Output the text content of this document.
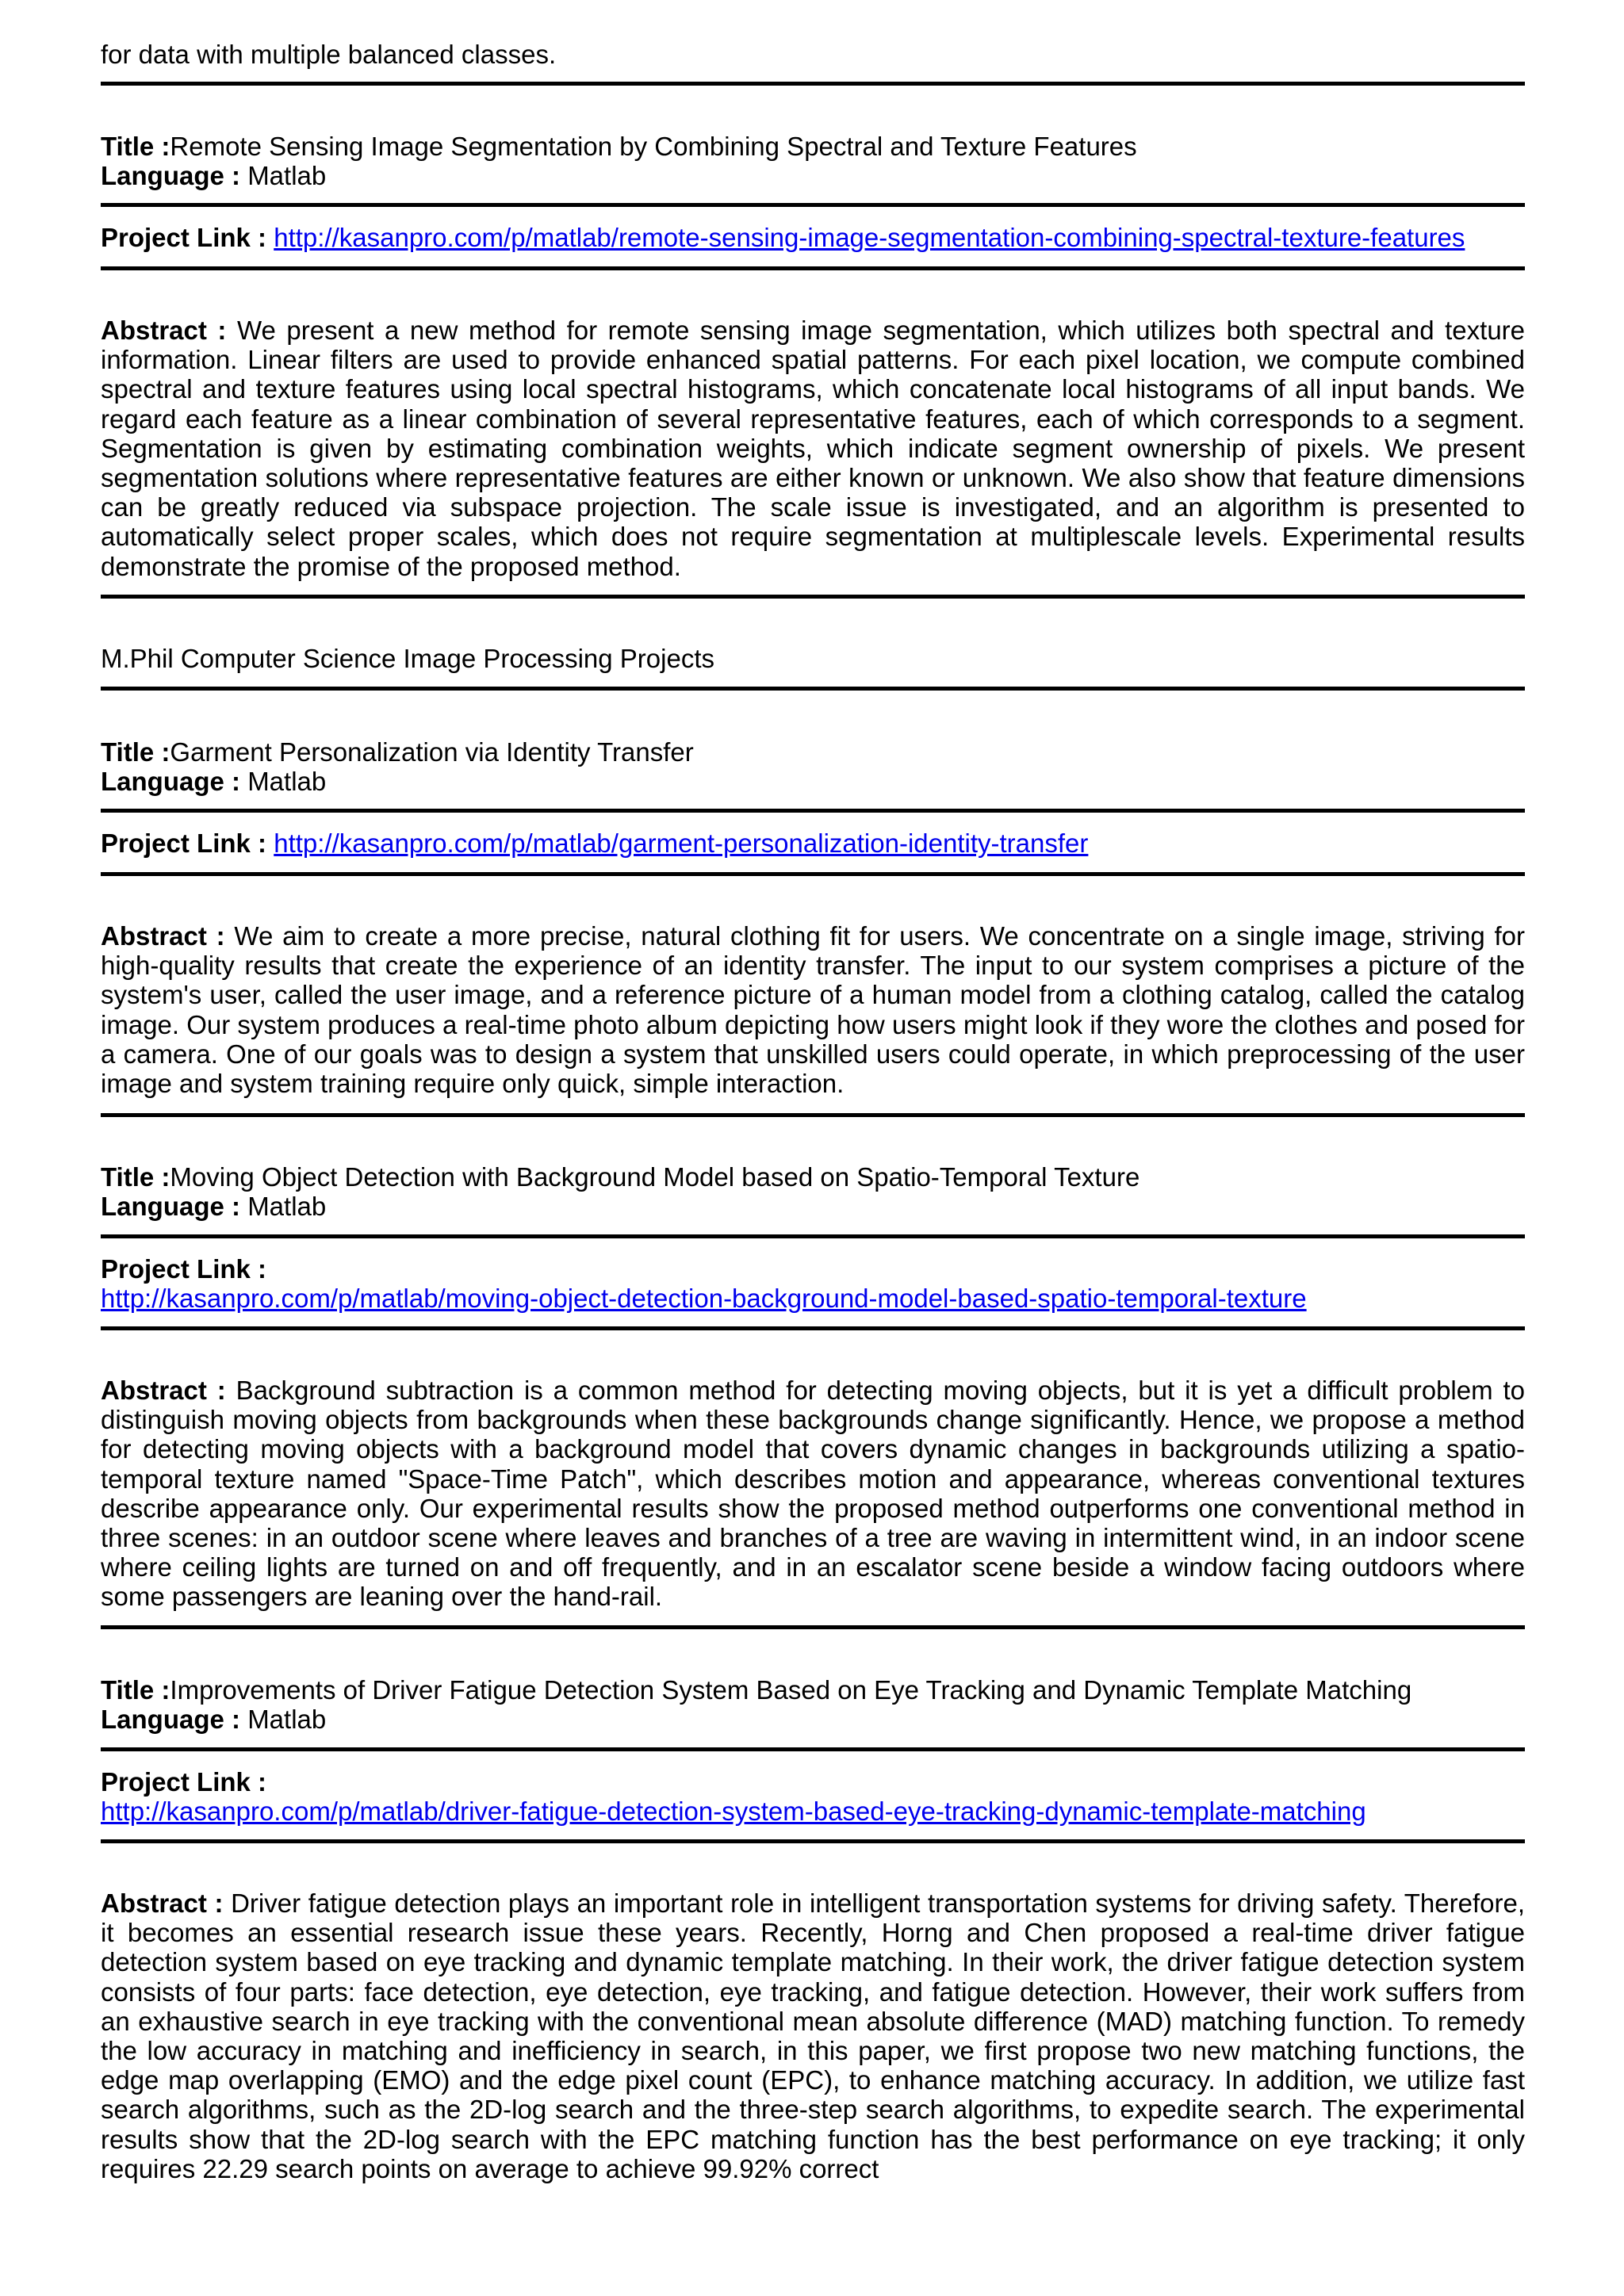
for data with multiple balanced classes.

Title :Remote Sensing Image Segmentation by Combining Spectral and Texture Features

Language : Matlab

Project Link : http://kasanpro.com/p/matlab/remote-sensing-image-segmentation-combining-spectral-texture-features

Abstract : We present a new method for remote sensing image segmentation, which utilizes both spectral and texture information. Linear filters are used to provide enhanced spatial patterns. For each pixel location, we compute combined spectral and texture features using local spectral histograms, which concatenate local histograms of all input bands. We regard each feature as a linear combination of several representative features, each of which corresponds to a segment. Segmentation is given by estimating combination weights, which indicate segment ownership of pixels. We present segmentation solutions where representative features are either known or unknown. We also show that feature dimensions can be greatly reduced via subspace projection. The scale issue is investigated, and an algorithm is presented to automatically select proper scales, which does not require segmentation at multiplescale levels. Experimental results demonstrate the promise of the proposed method.

M.Phil Computer Science Image Processing Projects

Title :Garment Personalization via Identity Transfer

Language : Matlab

Project Link : http://kasanpro.com/p/matlab/garment-personalization-identity-transfer

Abstract : We aim to create a more precise, natural clothing fit for users. We concentrate on a single image, striving for high-quality results that create the experience of an identity transfer. The input to our system comprises a picture of the system's user, called the user image, and a reference picture of a human model from a clothing catalog, called the catalog image. Our system produces a real-time photo album depicting how users might look if they wore the clothes and posed for a camera. One of our goals was to design a system that unskilled users could operate, in which preprocessing of the user image and system training require only quick, simple interaction.

Title :Moving Object Detection with Background Model based on Spatio-Temporal Texture

Language : Matlab

Project Link :

http://kasanpro.com/p/matlab/moving-object-detection-background-model-based-spatio-temporal-texture

Abstract : Background subtraction is a common method for detecting moving objects, but it is yet a difficult problem to distinguish moving objects from backgrounds when these backgrounds change significantly. Hence, we propose a method for detecting moving objects with a background model that covers dynamic changes in backgrounds utilizing a spatio-temporal texture named "Space-Time Patch", which describes motion and appearance, whereas conventional textures describe appearance only. Our experimental results show the proposed method outperforms one conventional method in three scenes: in an outdoor scene where leaves and branches of a tree are waving in intermittent wind, in an indoor scene where ceiling lights are turned on and off frequently, and in an escalator scene beside a window facing outdoors where some passengers are leaning over the hand-rail.

Title :Improvements of Driver Fatigue Detection System Based on Eye Tracking and Dynamic Template Matching

Language : Matlab

Project Link :

http://kasanpro.com/p/matlab/driver-fatigue-detection-system-based-eye-tracking-dynamic-template-matching

Abstract : Driver fatigue detection plays an important role in intelligent transportation systems for driving safety. Therefore, it becomes an essential research issue these years. Recently, Horng and Chen proposed a real-time driver fatigue detection system based on eye tracking and dynamic template matching. In their work, the driver fatigue detection system consists of four parts: face detection, eye detection, eye tracking, and fatigue detection. However, their work suffers from an exhaustive search in eye tracking with the conventional mean absolute difference (MAD) matching function. To remedy the low accuracy in matching and inefficiency in search, in this paper, we first propose two new matching functions, the edge map overlapping (EMO) and the edge pixel count (EPC), to enhance matching accuracy. In addition, we utilize fast search algorithms, such as the 2D-log search and the three-step search algorithms, to expedite search. The experimental results show that the 2D-log search with the EPC matching function has the best performance on eye tracking; it only requires 22.29 search points on average to achieve 99.92% correct
